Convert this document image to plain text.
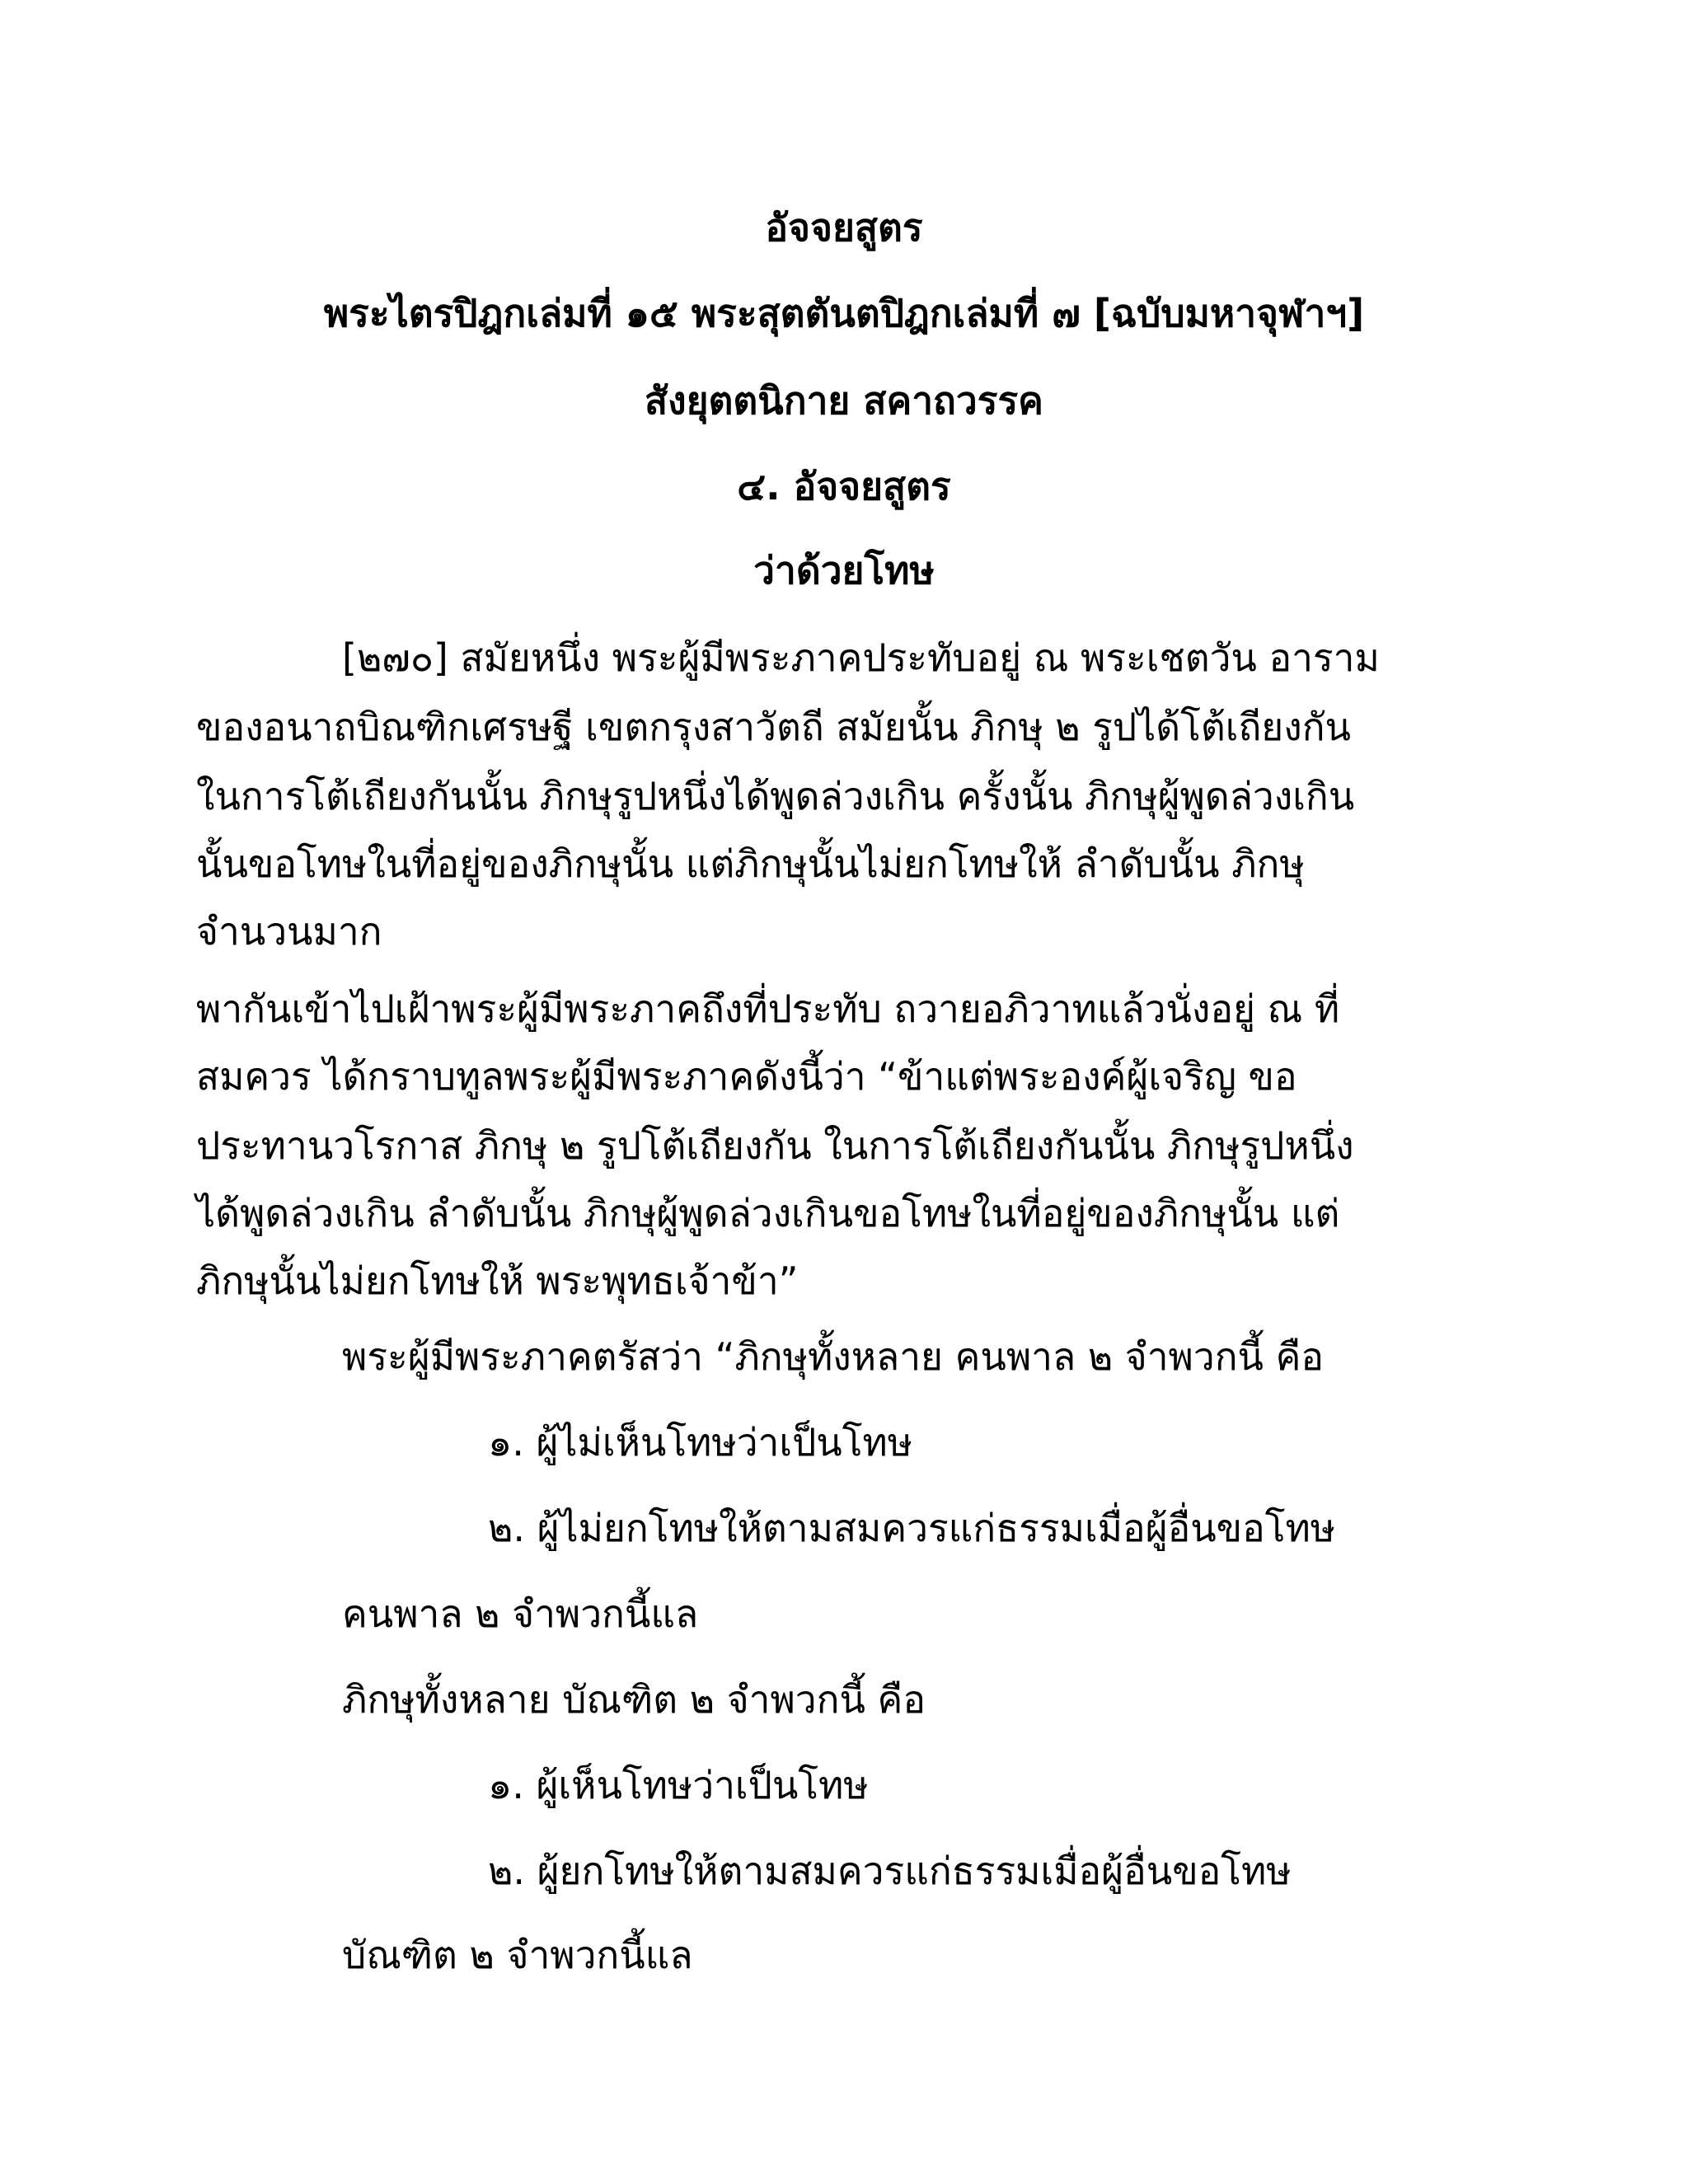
อัจจยสูตร
พระไตรปิฎกเล่มที่ ๑๕ พระสุตตันตปิฎกเล่มที่ ๗ [ฉบับมหาจุฬาฯ]
สังยุตตนิกาย สคาถวรรค
๔. อัจจยสูตร
ว่าด้วยโทษ
[๒๗๐] สมัยหนึ่ง พระผู้มีพระภาคประทับอยู่ ณ พระเชตวัน อาราม
ของอนาถบิณฑิกเศรษฐี เขตกรุงสาวัตถี สมัยนั้น ภิกษุ ๒ รูปได้โต้เถียงกัน
ในการโต้เถียงกันนั้น ภิกษุรูปหนึ่งได้พูดล่วงเกิน ครั้งนั้น ภิกษุผู้พูดล่วงเกิน
นั้นขอโทษในที่อยู่ของภิกษุนั้น แต่ภิกษุนั้นไม่ยกโทษให้ ลำดับนั้น ภิกษุ
จำนวนมาก
พากันเข้าไปเฝ้าพระผู้มีพระภาคถึงที่ประทับ ถวายอภิวาทแล้วนั่งอยู่ ณ ที่
สมควร ได้กราบทูลพระผู้มีพระภาคดังนี้ว่า “ข้าแต่พระองค์ผู้เจริญ ขอ
ประทานวโรกาส ภิกษุ ๒ รูปโต้เถียงกัน ในการโต้เถียงกันนั้น ภิกษุรูปหนึ่ง
ได้พูดล่วงเกิน ลำดับนั้น ภิกษุผู้พูดล่วงเกินขอโทษในที่อยู่ของภิกษุนั้น แต่
ภิกษุนั้นไม่ยกโทษให้ พระพุทธเจ้าข้า”
พระผู้มีพระภาคตรัสว่า “ภิกษุทั้งหลาย คนพาล ๒ จำพวกนี้ คือ
๑. ผู้ไม่เห็นโทษว่าเป็นโทษ
๒. ผู้ไม่ยกโทษให้ตามสมควรแก่ธรรมเมื่อผู้อื่นขอโทษ
คนพาล ๒ จำพวกนี้แล
ภิกษุทั้งหลาย บัณฑิต ๒ จำพวกนี้ คือ
๑. ผู้เห็นโทษว่าเป็นโทษ
๒. ผู้ยกโทษให้ตามสมควรแก่ธรรมเมื่อผู้อื่นขอโทษ
บัณฑิต ๒ จำพวกนี้แล
